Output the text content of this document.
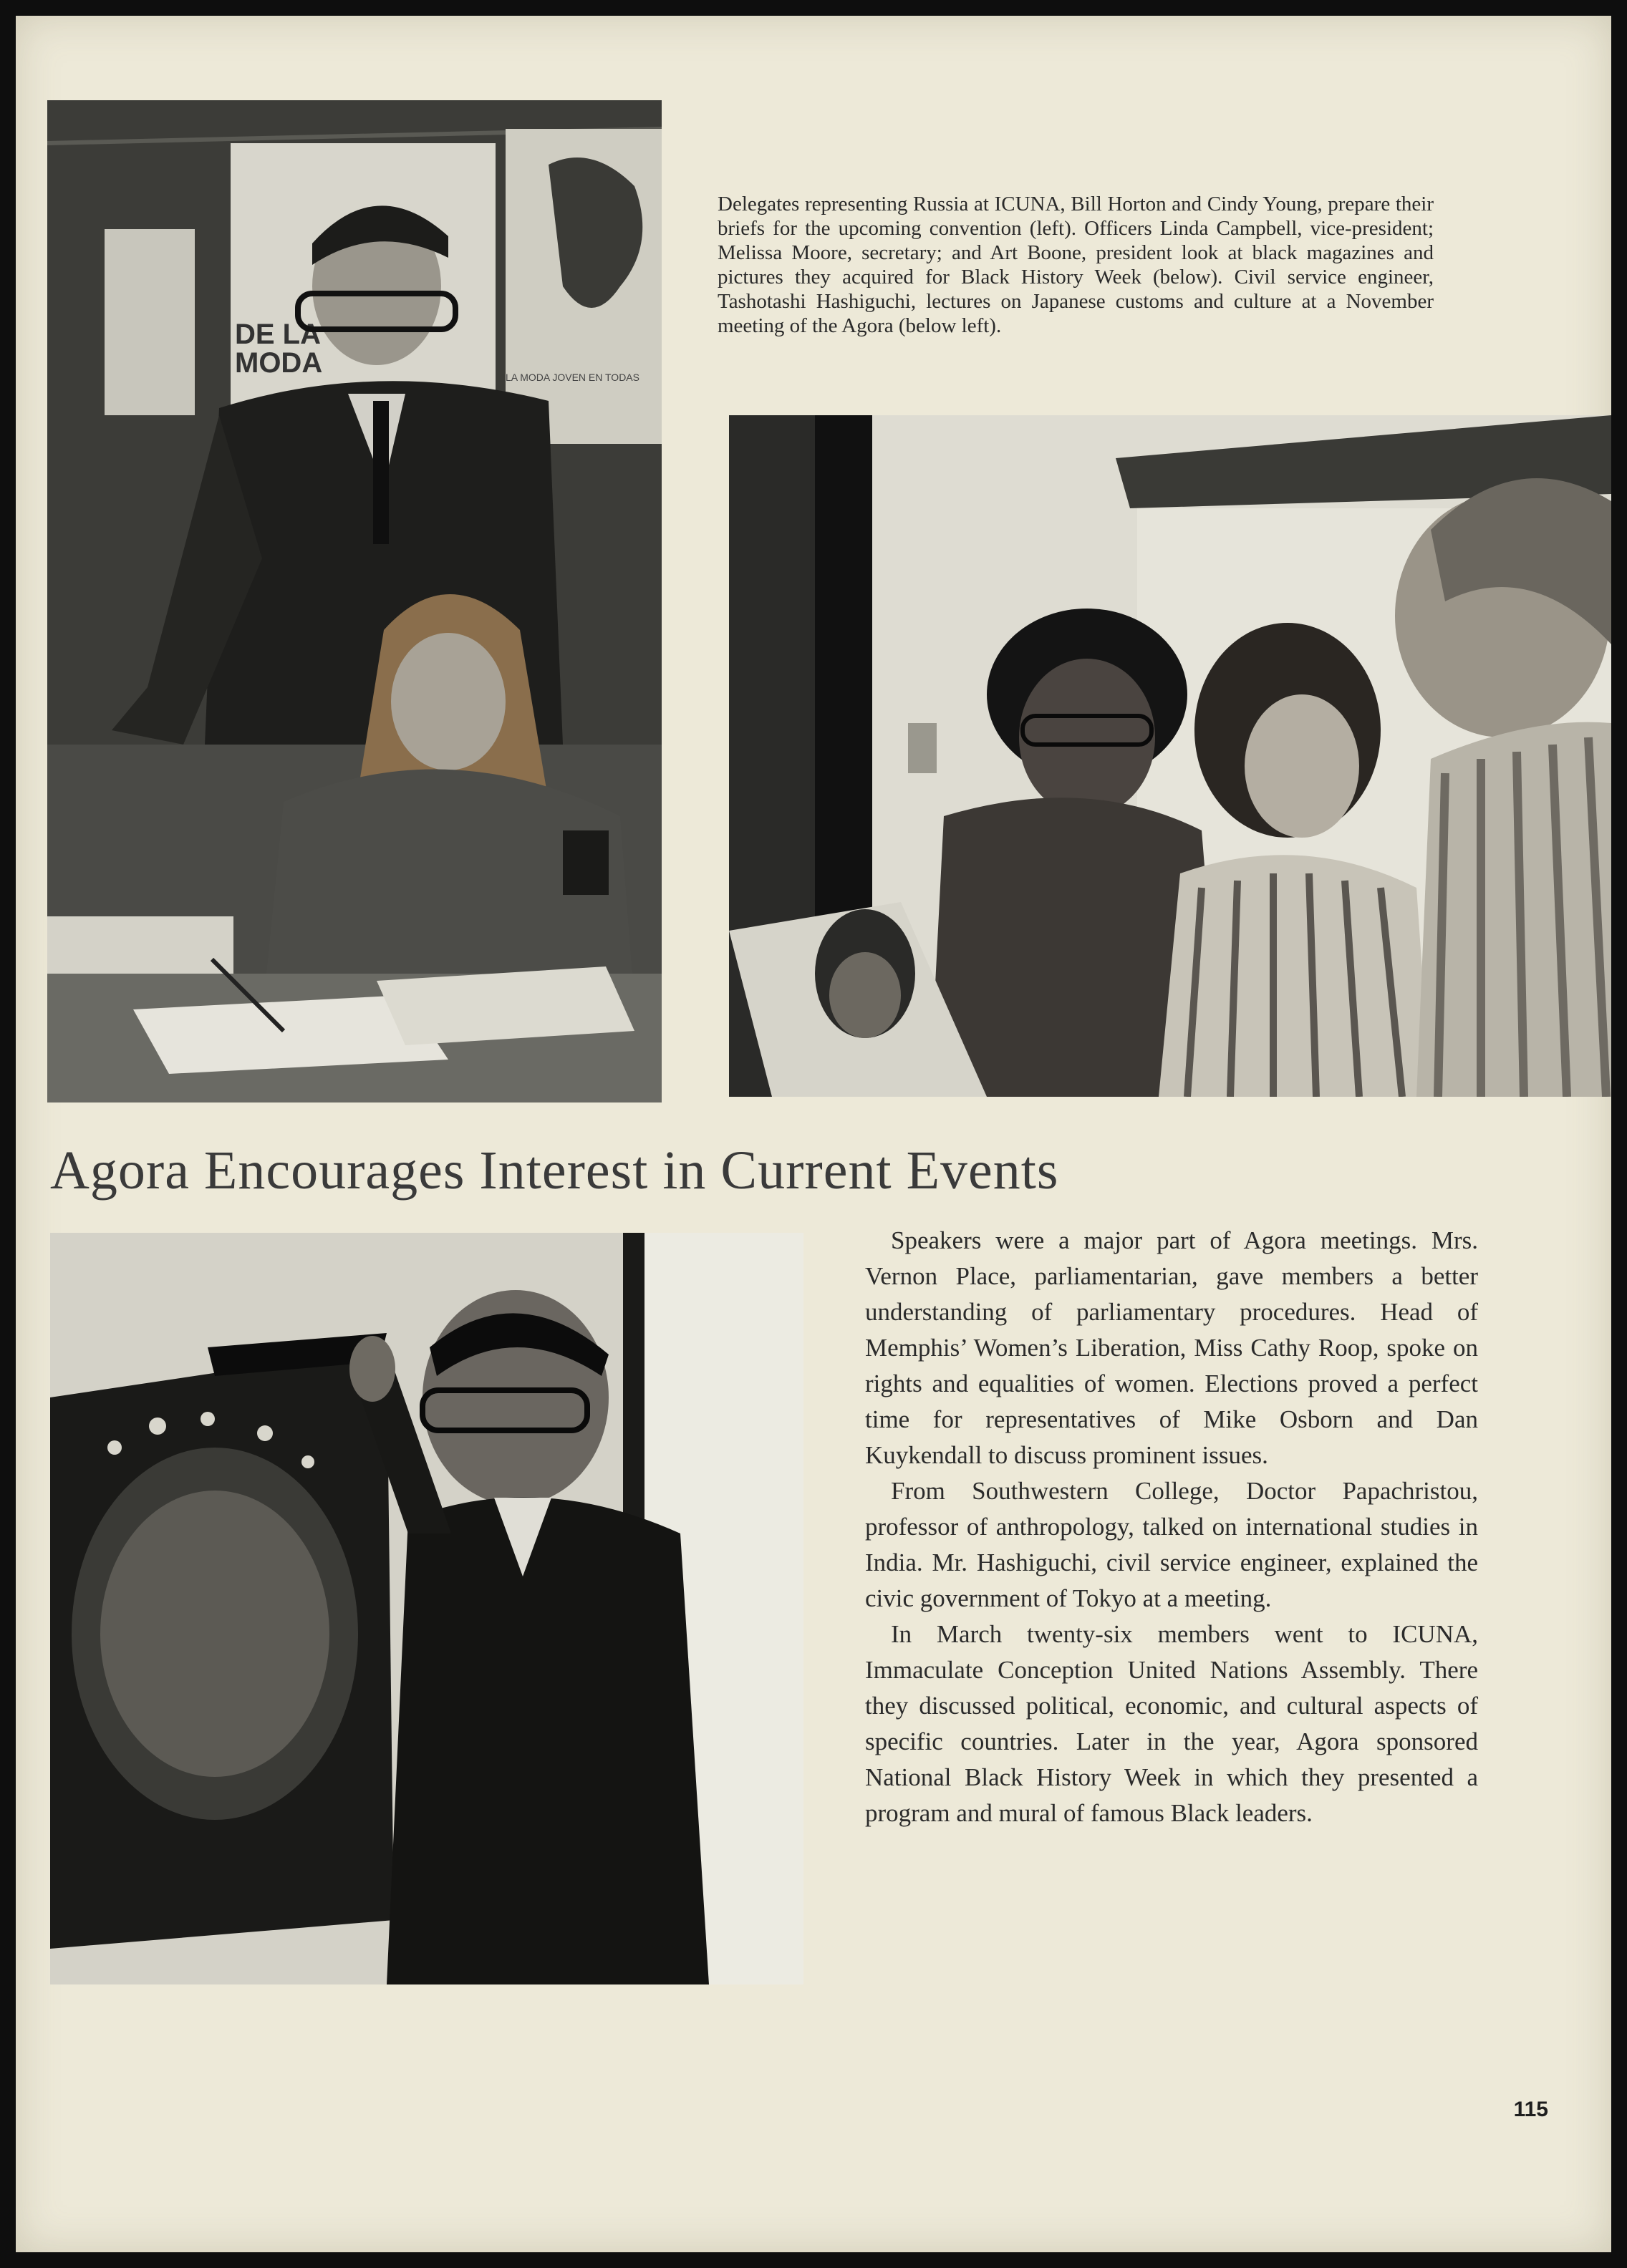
DE LA
MODA	LA MODA JOVEN EN TODAS

Delegates representing Russia at ICUNA, Bill Horton and Cindy Young, prepare their briefs for the upcoming convention (left). Officers Linda Campbell, vice-president; Melissa Moore, secretary; and Art Boone, president look at black magazines and pictures they acquired for Black History Week (below). Civil service engineer, Tashotashi Hashiguchi, lectures on Japanese customs and culture at a November meeting of the Agora (below left).

Agora Encourages Interest in Current Events

Speakers were a major part of Agora meetings. Mrs. Vernon Place, parliamentarian, gave members a better understanding of parliamentary procedures. Head of Memphis’ Women’s Liberation, Miss Cathy Roop, spoke on rights and equalities of women. Elections proved a perfect time for representatives of Mike Osborn and Dan Kuykendall to discuss prominent issues.

From Southwestern College, Doctor Papachristou, professor of anthropology, talked on international studies in India. Mr. Hashiguchi, civil service engineer, explained the civic government of Tokyo at a meeting.

In March twenty-six members went to ICUNA, Immaculate Conception United Nations Assembly. There they discussed political, economic, and cultural aspects of specific countries. Later in the year, Agora sponsored National Black History Week in which they presented a program and mural of famous Black leaders.

115
